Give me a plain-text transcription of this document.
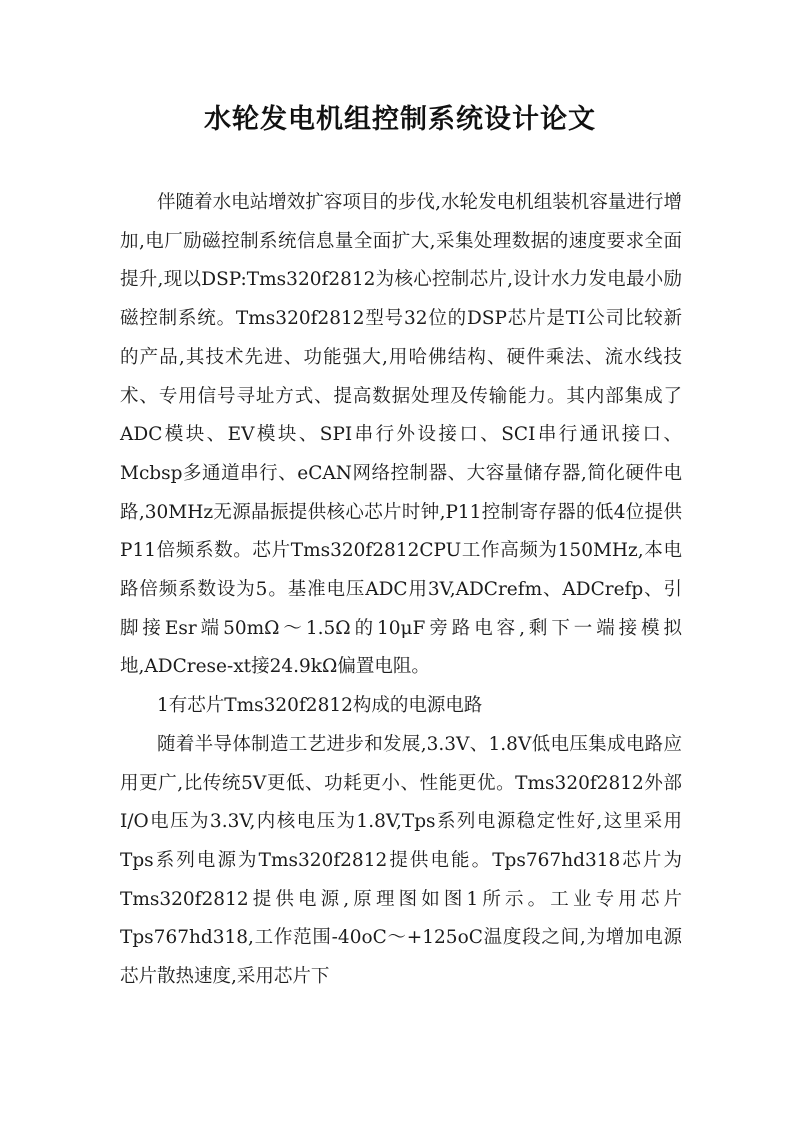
水轮发电机组控制系统设计论文

伴随着水电站增效扩容项目的步伐,水轮发电机组装机容量进行增加,电厂励磁控制系统信息量全面扩大,采集处理数据的速度要求全面提升,现以DSP:Tms320f2812为核心控制芯片,设计水力发电最小励磁控制系统。Tms320f2812型号32位的DSP芯片是TI公司比较新的产品,其技术先进、功能强大,用哈佛结构、硬件乘法、流水线技术、专用信号寻址方式、提高数据处理及传输能力。其内部集成了ADC模块、EV模块、SPI串行外设接口、SCI串行通讯接口、Mcbsp多通道串行、eCAN网络控制器、大容量储存器,简化硬件电路,30MHz无源晶振提供核心芯片时钟,P11控制寄存器的低4位提供P11倍频系数。芯片Tms320f2812CPU工作高频为150MHz,本电路倍频系数设为5。基准电压ADC用3V,ADCrefm、ADCrefp、引脚接Esr端50mΩ～1.5Ω的10μF旁路电容,剩下一端接模拟地,ADCrese-xt接24.9kΩ偏置电阻。

1有芯片Tms320f2812构成的电源电路

随着半导体制造工艺进步和发展,3.3V、1.8V低电压集成电路应用更广,比传统5V更低、功耗更小、性能更优。Tms320f2812外部I/O电压为3.3V,内核电压为1.8V,Tps系列电源稳定性好,这里采用Tps系列电源为Tms320f2812提供电能。Tps767hd318芯片为Tms320f2812提供电源,原理图如图1所示。工业专用芯片Tps767hd318,工作范围-40oC～+125oC温度段之间,为增加电源芯片散热速度,采用芯片下
